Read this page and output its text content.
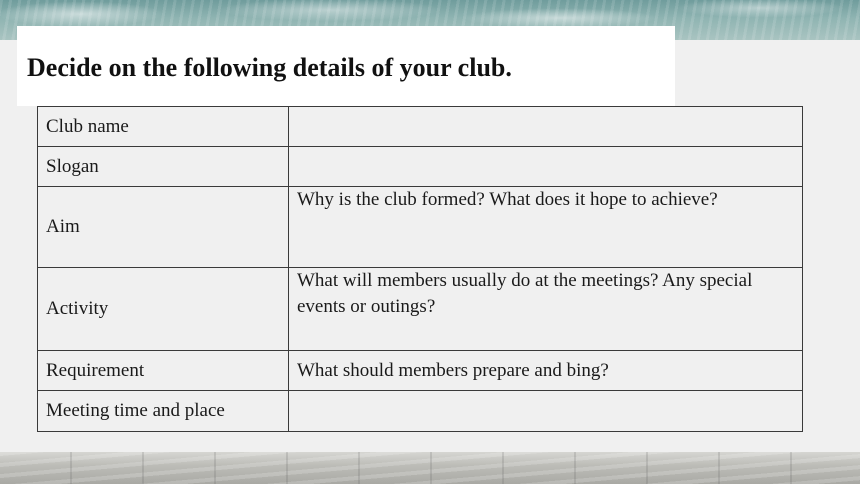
Decide on the following details of your club.
Club name	
Slogan	
Aim	Why is the club formed? What does it hope to achieve?
Activity	What will members usually do at the meetings? Any special events or outings?
Requirement	What should members prepare and bing?
Meeting time and place	
